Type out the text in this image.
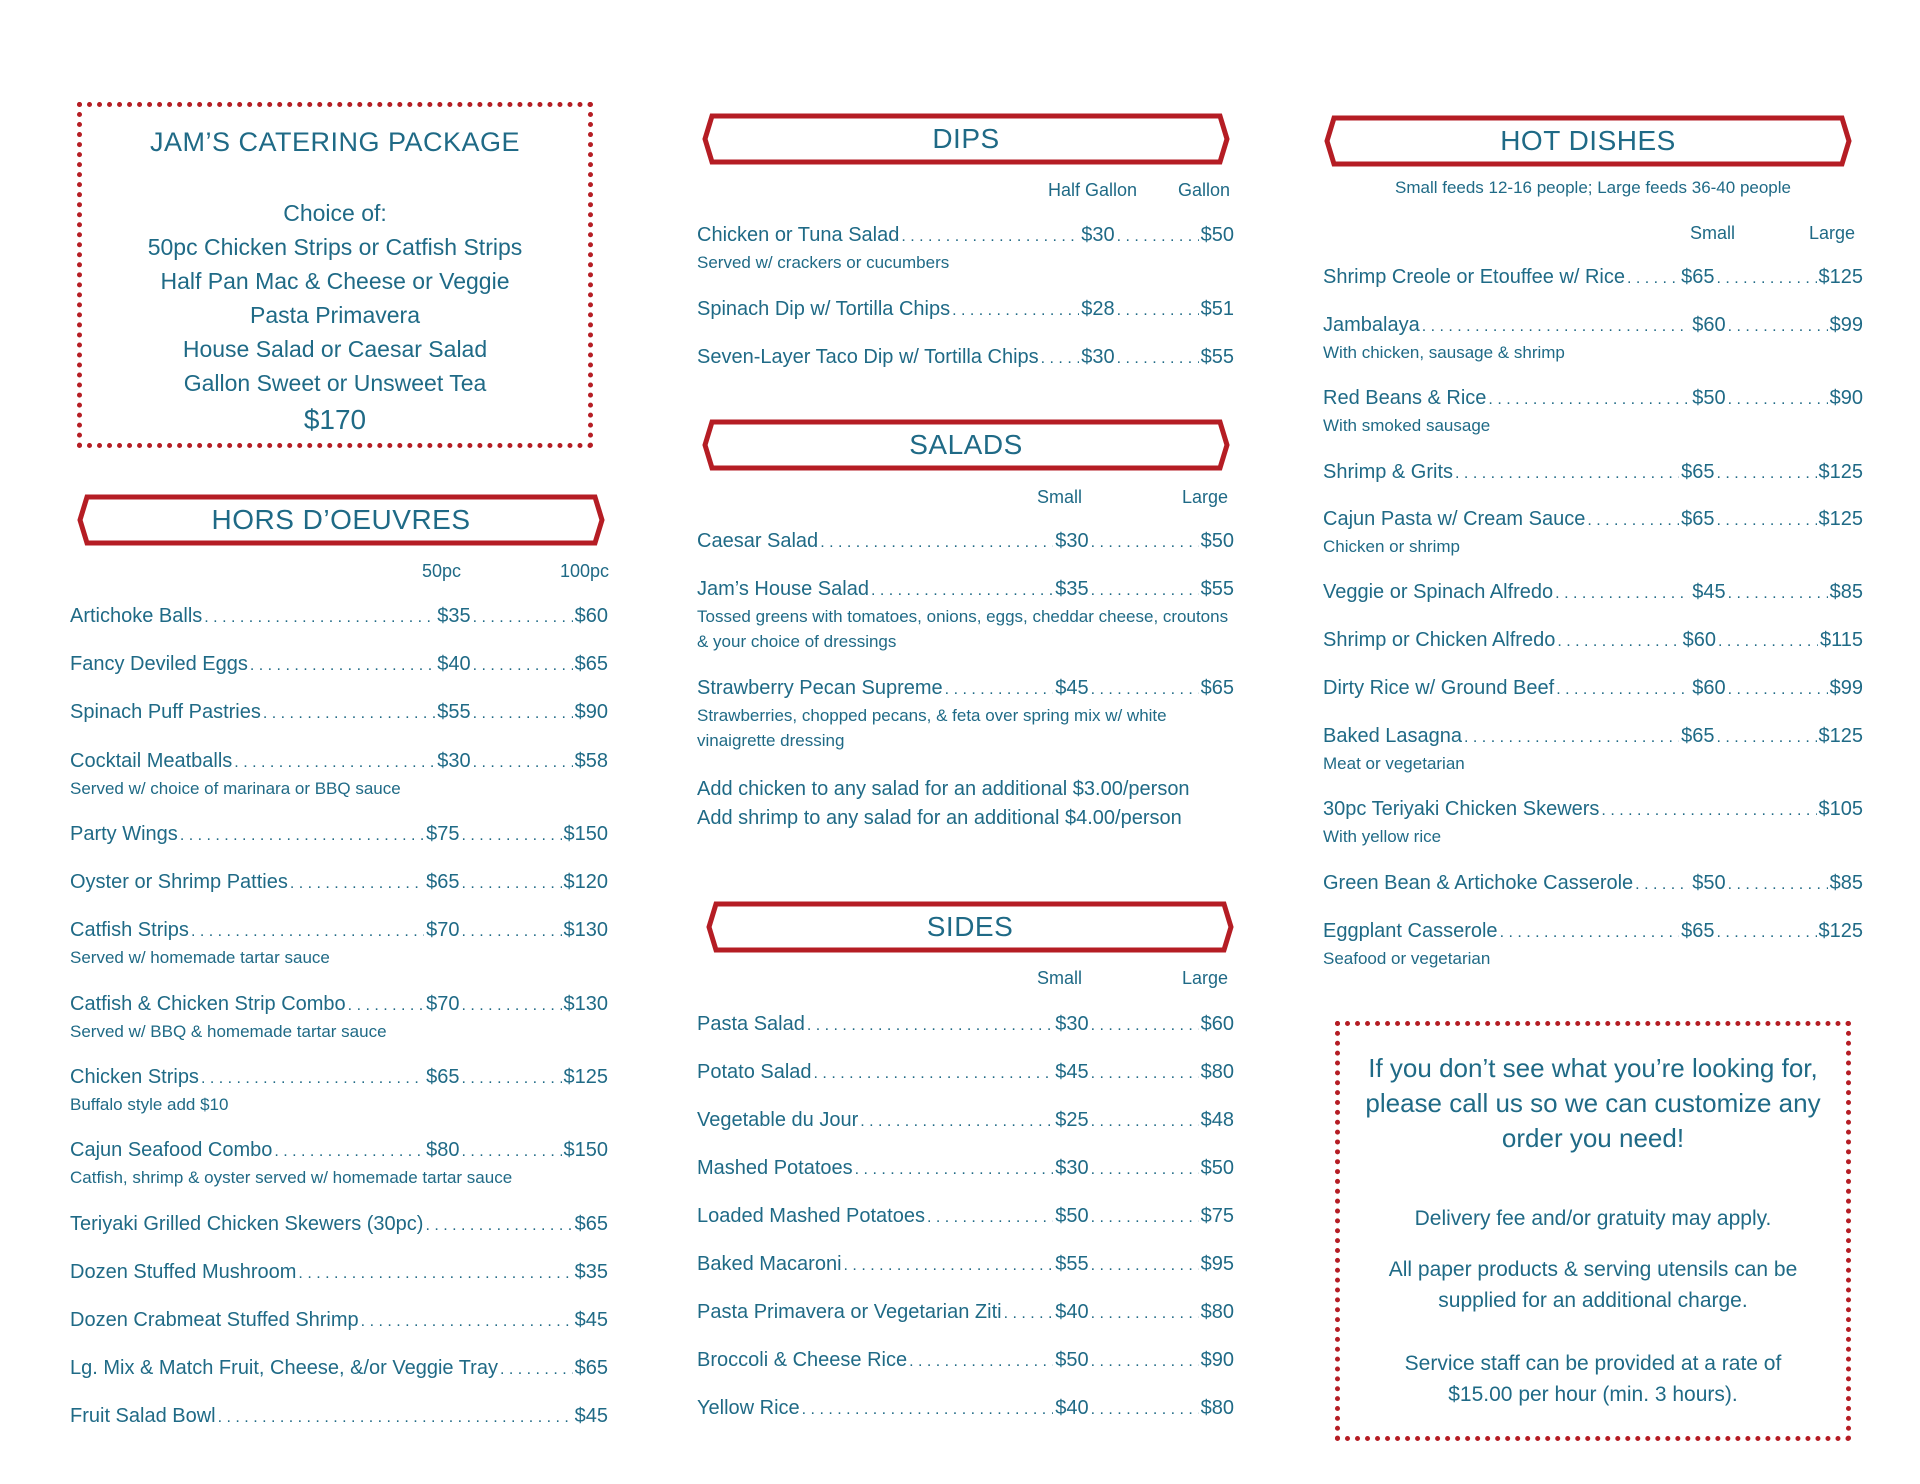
JAM’S CATERING PACKAGE
Choice of:
50pc Chicken Strips or Catfish Strips
Half Pan Mac & Cheese or Veggie
Pasta Primavera
House Salad or Caesar Salad
Gallon Sweet or Unsweet Tea
$170
HORS D’OEUVRES
50pc	100pc
Artichoke Balls . . .	$35 . . .	$60
Fancy Deviled Eggs . . .	$40 . . .	$65
Spinach Puff Pastries . . .	$55 . . .	$90
Cocktail Meatballs . . .	$30 . . .	$58
Served w/ choice of marinara or BBQ sauce
Party Wings . . .	$75 . . .	$150
Oyster or Shrimp Patties . . .	$65 . . .	$120
Catfish Strips . . .	$70 . . .	$130
Served w/ homemade tartar sauce
Catfish & Chicken Strip Combo . . .	$70 . . .	$130
Served w/ BBQ & homemade tartar sauce
Chicken Strips . . .	$65 . . .	$125
Buffalo style add $10
Cajun Seafood Combo . . .	$80 . . .	$150
Catfish, shrimp & oyster served w/ homemade tartar sauce
Teriyaki Grilled Chicken Skewers (30pc) . . .	$65
Dozen Stuffed Mushroom . . .	$35
Dozen Crabmeat Stuffed Shrimp . . .	$45
Lg. Mix & Match Fruit, Cheese, &/or Veggie Tray . . .	$65
Fruit Salad Bowl . . .	$45
DIPS
Half Gallon Gallon
Chicken or Tuna Salad . . .	$30 . . .	$50
Served w/ crackers or cucumbers
Spinach Dip w/ Tortilla Chips . . .	$28 . . .	$51
Seven-Layer Taco Dip w/ Tortilla Chips . . . $30 . . .	$55
SALADS
Small	Large
Caesar Salad . . .	$30 . . .	$50
Jam’s House Salad . . .	$35 . . .	$55
Tossed greens with tomatoes, onions, eggs, cheddar cheese, croutons & your choice of dressings
Strawberry Pecan Supreme . . .	$45 . . .	$65
Strawberries, chopped pecans, & feta over spring mix w/ white vinaigrette dressing
Add chicken to any salad for an additional $3.00/person
Add shrimp to any salad for an additional $4.00/person
SIDES
Small	Large
Pasta Salad . . .	$30 . . .	$60
Potato Salad . . .	$45 . . .	$80
Vegetable du Jour . . .	$25 . . .	$48
Mashed Potatoes . . .	$30 . . .	$50
Loaded Mashed Potatoes . . .	$50 . . .	$75
Baked Macaroni . . .	$55 . . .	$95
Pasta Primavera or Vegetarian Ziti . . .	$40 . . .	$80
Broccoli & Cheese Rice . . .	$50 . . .	$90
Yellow Rice . . .	$40 . . .	$80
HOT DISHES
Small feeds 12-16 people; Large feeds 36-40 people
Small	Large
Shrimp Creole or Etouffee w/ Rice . . .	$65 . . .	$125
Jambalaya . . .	$60 . . .	$99
With chicken, sausage & shrimp
Red Beans & Rice . . .	$50 . . .	$90
With smoked sausage
Shrimp & Grits . . .	$65 . . .	$125
Cajun Pasta w/ Cream Sauce . . .	$65 . . .	$125
Chicken or shrimp
Veggie or Spinach Alfredo . . .	$45 . . .	$85
Shrimp or Chicken Alfredo . . .	$60 . . .	$115
Dirty Rice w/ Ground Beef . . .	$60 . . .	$99
Baked Lasagna . . .	$65 . . .	$125
Meat or vegetarian
30pc Teriyaki Chicken Skewers . . .	$105
With yellow rice
Green Bean & Artichoke Casserole . . .	$50 . . .	$85
Eggplant Casserole . . .	$65 . . .	$125
Seafood or vegetarian
If you don’t see what you’re looking for, please call us so we can customize any order you need!
Delivery fee and/or gratuity may apply.
All paper products & serving utensils can be supplied for an additional charge.
Service staff can be provided at a rate of $15.00 per hour (min. 3 hours).
